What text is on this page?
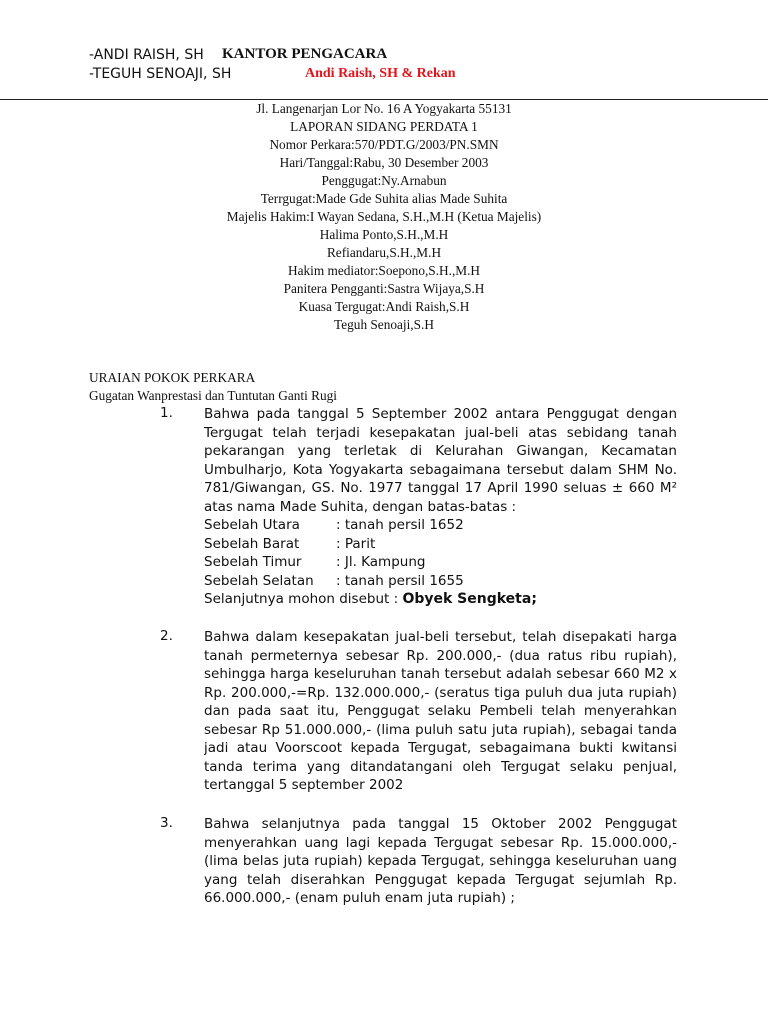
-ANDI RAISH, SH KANTOR PENGACARA
-TEGUH SENOAJI, SH	Andi Raish, SH & Rekan
Jl. Langenarjan Lor No. 16 A Yogyakarta 55131
LAPORAN SIDANG PERDATA 1
Nomor Perkara:570/PDT.G/2003/PN.SMN
Hari/Tanggal:Rabu, 30 Desember 2003
Penggugat:Ny.Arnabun
Terrgugat:Made Gde Suhita alias Made Suhita
Majelis Hakim:I Wayan Sedana, S.H.,M.H (Ketua Majelis)
Halima Ponto,S.H.,M.H
Refiandaru,S.H.,M.H
Hakim mediator:Soepono,S.H.,M.H
Panitera Pengganti:Sastra Wijaya,S.H
Kuasa Tergugat:Andi Raish,S.H
Teguh Senoaji,S.H
URAIAN POKOK PERKARA
Gugatan Wanprestasi dan Tuntutan Ganti Rugi
1. Bahwa pada tanggal 5 September 2002 antara Penggugat dengan
Tergugat telah terjadi kesepakatan jual-beli atas sebidang tanah
pekarangan yang terletak di Kelurahan Giwangan, Kecamatan
Umbulharjo, Kota Yogyakarta sebagaimana tersebut dalam SHM No.
781/Giwangan, GS. No. 1977 tanggal 17 April 1990 seluas ± 660 M²
atas nama Made Suhita, dengan batas-batas :
Sebelah Utara	: tanah persil 1652
Sebelah Barat	: Parit
Sebelah Timur	: Jl. Kampung
Sebelah Selatan	: tanah persil 1655
Selanjutnya mohon disebut : Obyek Sengketa;
2. Bahwa dalam kesepakatan jual-beli tersebut, telah disepakati harga
tanah permeternya sebesar Rp. 200.000,- (dua ratus ribu rupiah),
sehingga harga keseluruhan tanah tersebut adalah sebesar 660 M2 x
Rp. 200.000,-=Rp. 132.000.000,- (seratus tiga puluh dua juta rupiah)
dan pada saat itu, Penggugat selaku Pembeli telah menyerahkan
sebesar Rp 51.000.000,- (lima puluh satu juta rupiah), sebagai tanda
jadi atau Voorscoot kepada Tergugat, sebagaimana bukti kwitansi
tanda terima yang ditandatangani oleh Tergugat selaku penjual,
tertanggal 5 september 2002
3. Bahwa selanjutnya pada tanggal 15 Oktober 2002 Penggugat
menyerahkan uang lagi kepada Tergugat sebesar Rp. 15.000.000,-
(lima belas juta rupiah) kepada Tergugat, sehingga keseluruhan uang
yang telah diserahkan Penggugat kepada Tergugat sejumlah Rp.
66.000.000,- (enam puluh enam juta rupiah) ;
